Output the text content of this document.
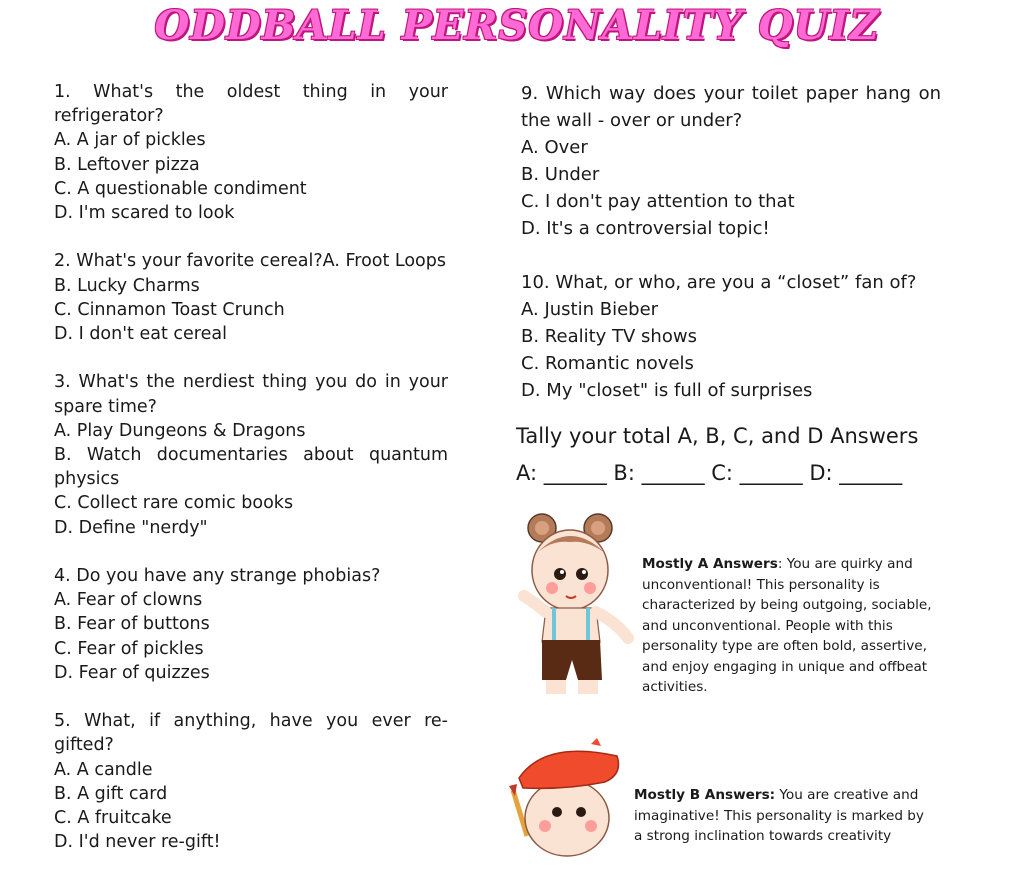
ODDBALL PERSONALITY QUIZ

1. What's the oldest thing in your refrigerator?

A. A jar of pickles

B. Leftover pizza

C. A questionable condiment

D. I'm scared to look

2. What's your favorite cereal?A. Froot Loops

B. Lucky Charms

C. Cinnamon Toast Crunch

D. I don't eat cereal

3. What's the nerdiest thing you do in your spare time?

A. Play Dungeons & Dragons

B. Watch documentaries about quantum physics

C. Collect rare comic books

D. Define "nerdy"

4. Do you have any strange phobias?

A. Fear of clowns

B. Fear of buttons

C. Fear of pickles

D. Fear of quizzes

5. What, if anything, have you ever re-gifted?

A. A candle

B. A gift card

C. A fruitcake

D. I'd never re-gift!

9. Which way does your toilet paper hang on the wall - over or under?

A. Over

B. Under

C. I don't pay attention to that

D. It's a controversial topic!

10. What, or who, are you a “closet” fan of?

A. Justin Bieber

B. Reality TV shows

C. Romantic novels

D. My "closet" is full of surprises

Tally your total A, B, C, and D Answers
A: ______ B: ______ C: ______ D: ______
Mostly A Answers: You are quirky and unconventional! This personality is characterized by being outgoing, sociable, and unconventional. People with this personality type are often bold, assertive, and enjoy engaging in unique and offbeat activities.
Mostly B Answers: You are creative and imaginative! This personality is marked by a strong inclination towards creativity
